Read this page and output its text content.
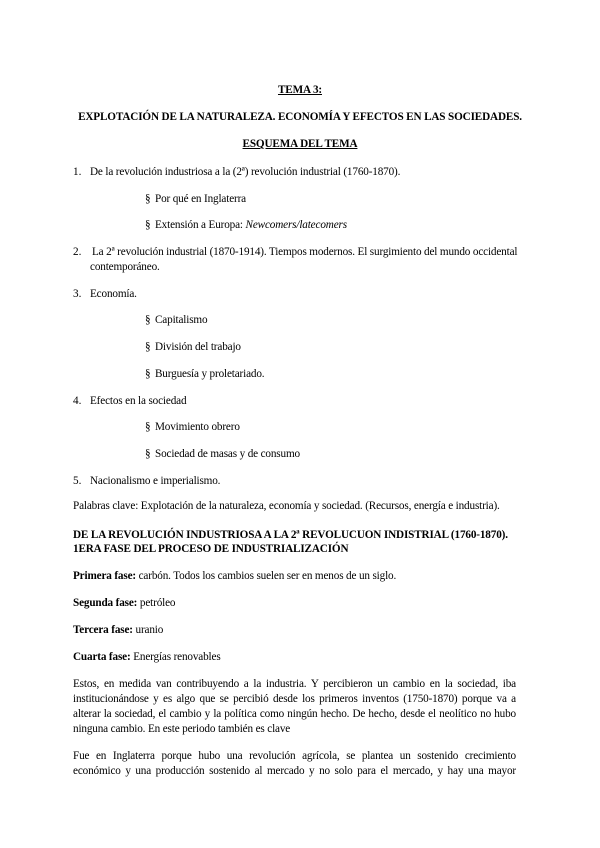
TEMA 3:
EXPLOTACIÓN DE LA NATURALEZA. ECONOMÍA Y EFECTOS EN LAS SOCIEDADES.
ESQUEMA DEL TEMA
1. De la revolución industriosa a la (2ª) revolución industrial (1760-1870).
§ Por qué en Inglaterra
§ Extensión a Europa: Newcomers/latecomers
2. La 2ª revolución industrial (1870-1914). Tiempos modernos. El surgimiento del mundo occidental
contemporáneo.
3. Economía.
§ Capitalismo
§ División del trabajo
§ Burguesía y proletariado.
4. Efectos en la sociedad
§ Movimiento obrero
§ Sociedad de masas y de consumo
5. Nacionalismo e imperialismo.
Palabras clave: Explotación de la naturaleza, economía y sociedad. (Recursos, energía e industria).
DE LA REVOLUCIÓN INDUSTRIOSA A LA 2ª REVOLUCUON INDISTRIAL (1760-1870).
1ERA FASE DEL PROCESO DE INDUSTRIALIZACIÓN
Primera fase: carbón. Todos los cambios suelen ser en menos de un siglo.
Segunda fase: petróleo
Tercera fase: uranio
Cuarta fase: Energías renovables
Estos, en medida van contribuyendo a la industria. Y percibieron un cambio en la sociedad, iba
institucionándose y es algo que se percibió desde los primeros inventos (1750-1870) porque va a
alterar la sociedad, el cambio y la política como ningún hecho. De hecho, desde el neolítico no hubo
ninguna cambio. En este periodo también es clave
Fue en Inglaterra porque hubo una revolución agrícola, se plantea un sostenido crecimiento
económico y una producción sostenido al mercado y no solo para el mercado, y hay una mayor
